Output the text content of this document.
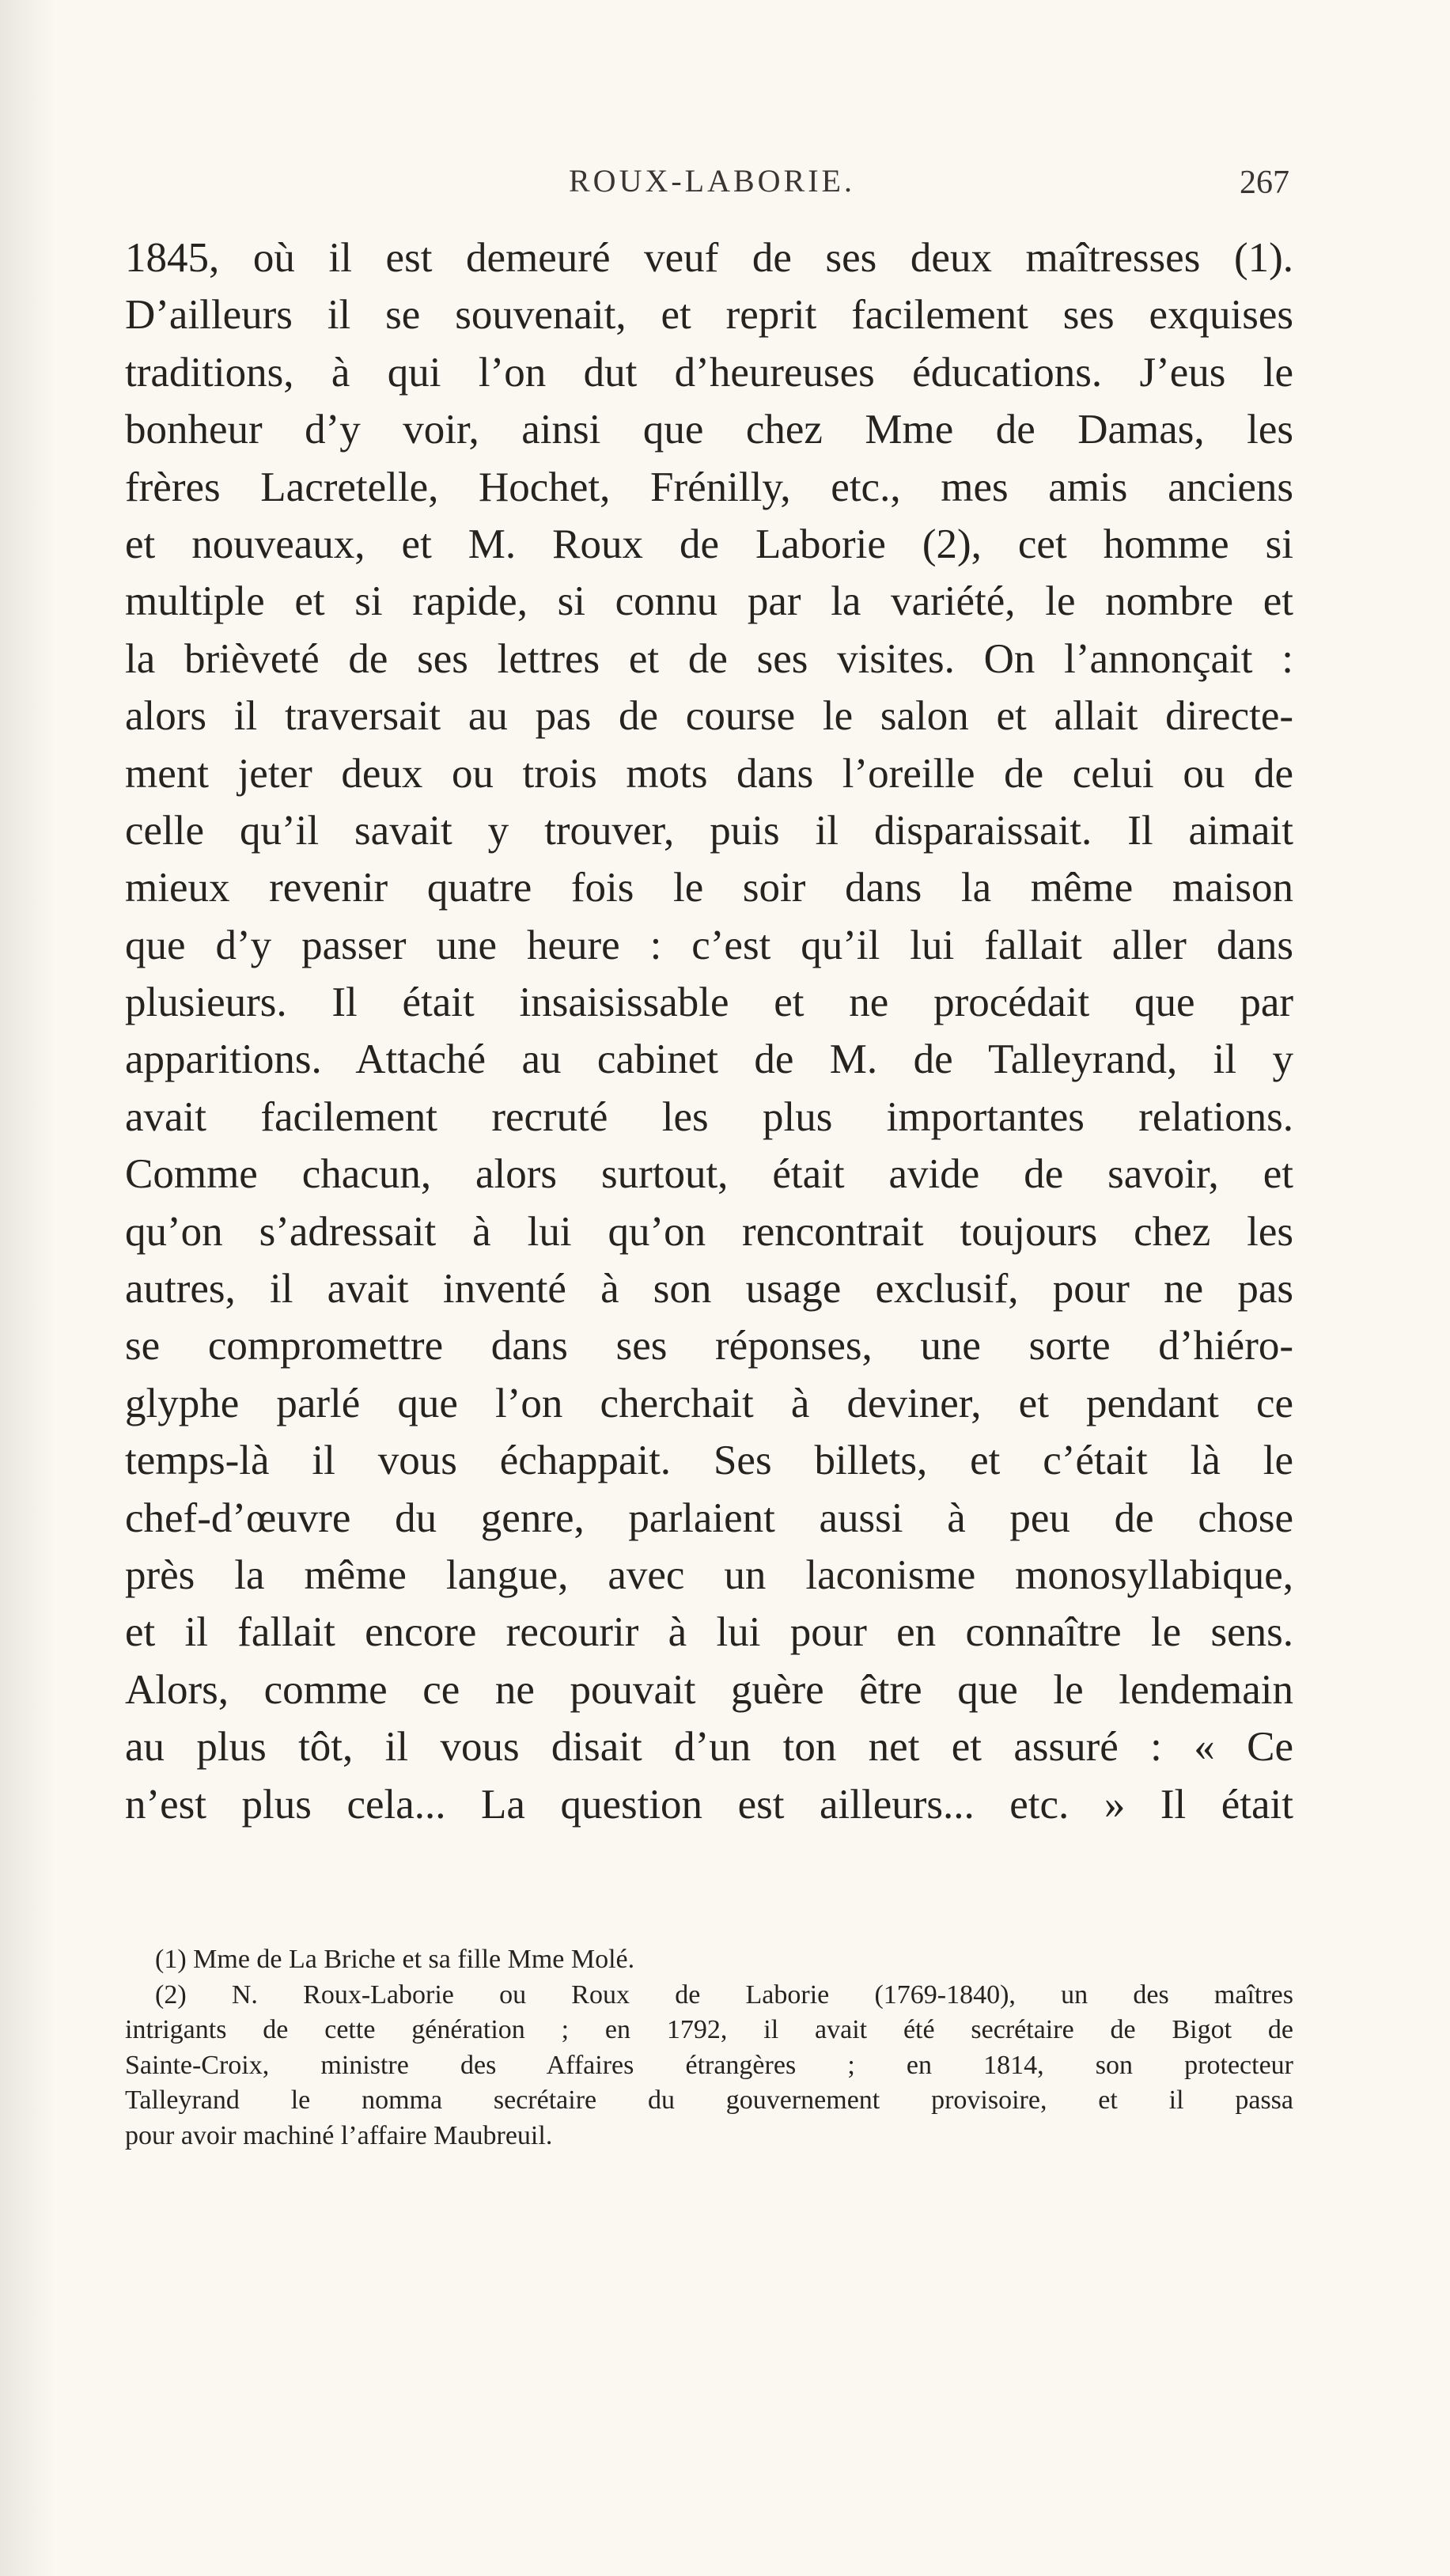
ROUX-LABORIE.	267
1845, où il est demeuré veuf de ses deux maîtresses (1).
D’ailleurs il se souvenait, et reprit facilement ses exquises
traditions, à qui l’on dut d’heureuses éducations. J’eus le
bonheur d’y voir, ainsi que chez Mme de Damas, les
frères Lacretelle, Hochet, Frénilly, etc., mes amis anciens
et nouveaux, et M. Roux de Laborie (2), cet homme si
multiple et si rapide, si connu par la variété, le nombre et
la brièveté de ses lettres et de ses visites. On l’annonçait :
alors il traversait au pas de course le salon et allait directe-
ment jeter deux ou trois mots dans l’oreille de celui ou de
celle qu’il savait y trouver, puis il disparaissait. Il aimait
mieux revenir quatre fois le soir dans la même maison
que d’y passer une heure : c’est qu’il lui fallait aller dans
plusieurs. Il était insaisissable et ne procédait que par
apparitions. Attaché au cabinet de M. de Talleyrand, il y
avait facilement recruté les plus importantes relations.
Comme chacun, alors surtout, était avide de savoir, et
qu’on s’adressait à lui qu’on rencontrait toujours chez les
autres, il avait inventé à son usage exclusif, pour ne pas
se compromettre dans ses réponses, une sorte d’hiéro-
glyphe parlé que l’on cherchait à deviner, et pendant ce
temps-là il vous échappait. Ses billets, et c’était là le
chef-d’œuvre du genre, parlaient aussi à peu de chose
près la même langue, avec un laconisme monosyllabique,
et il fallait encore recourir à lui pour en connaître le sens.
Alors, comme ce ne pouvait guère être que le lendemain
au plus tôt, il vous disait d’un ton net et assuré : « Ce
n’est plus cela... La question est ailleurs... etc. » Il était
(1) Mme de La Briche et sa fille Mme Molé.
(2) N. Roux-Laborie ou Roux de Laborie (1769-1840), un des maîtres
intrigants de cette génération ; en 1792, il avait été secrétaire de Bigot de
Sainte-Croix, ministre des Affaires étrangères ; en 1814, son protecteur
Talleyrand le nomma secrétaire du gouvernement provisoire, et il passa
pour avoir machiné l’affaire Maubreuil.
